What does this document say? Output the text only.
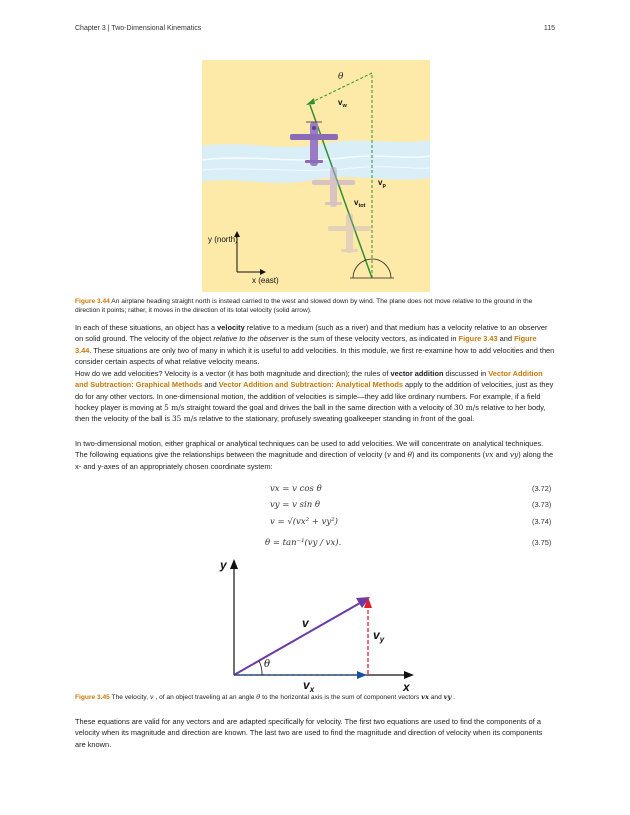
Chapter 3 | Two-Dimensional Kinematics	115
θ
$v_w$
$v_p$
$v_{tot}$
y (north)
x (east)
Figure 3.44 An airplane heading straight north is instead carried to the west and slowed down by wind. The plane does not move relative to the ground in the direction it points; rather, it moves in the direction of its total velocity (solid arrow).

In each of these situations, an object has a velocity relative to a medium (such as a river) and that medium has a velocity relative to an observer on solid ground. The velocity of the object relative to the observer is the sum of these velocity vectors, as indicated in Figure 3.43 and Figure 3.44. These situations are only two of many in which it is useful to add velocities. In this module, we first re-examine how to add velocities and then consider certain aspects of what relative velocity means.

How do we add velocities? Velocity is a vector (it has both magnitude and direction); the rules of vector addition discussed in Vector Addition and Subtraction: Graphical Methods and Vector Addition and Subtraction: Analytical Methods apply to the addition of velocities, just as they do for any other vectors. In one-dimensional motion, the addition of velocities is simple—they add like ordinary numbers. For example, if a field hockey player is moving at 5 m/s straight toward the goal and drives the ball in the same direction with a velocity of 30 m/s relative to her body, then the velocity of the ball is 35 m/s relative to the stationary, profusely sweating goalkeeper standing in front of the goal.

In two-dimensional motion, either graphical or analytical techniques can be used to add velocities. We will concentrate on analytical techniques. The following equations give the relationships between the magnitude and direction of velocity (v and θ) and its components (vx and vy) along the x- and y-axes of an appropriately chosen coordinate system:

vx = v cos θ	(3.72)
vy = v sin θ	(3.73)
v = √(vx² + vy²)	(3.74)
θ = tan⁻¹(vy / vx).	(3.75)
y
x
v
$v_y$
$v_x$
θ
Figure 3.45 The velocity, v , of an object traveling at an angle θ to the horizontal axis is the sum of component vectors vx and vy .

These equations are valid for any vectors and are adapted specifically for velocity. The first two equations are used to find the components of a velocity when its magnitude and direction are known. The last two are used to find the magnitude and direction of velocity when its components are known.
